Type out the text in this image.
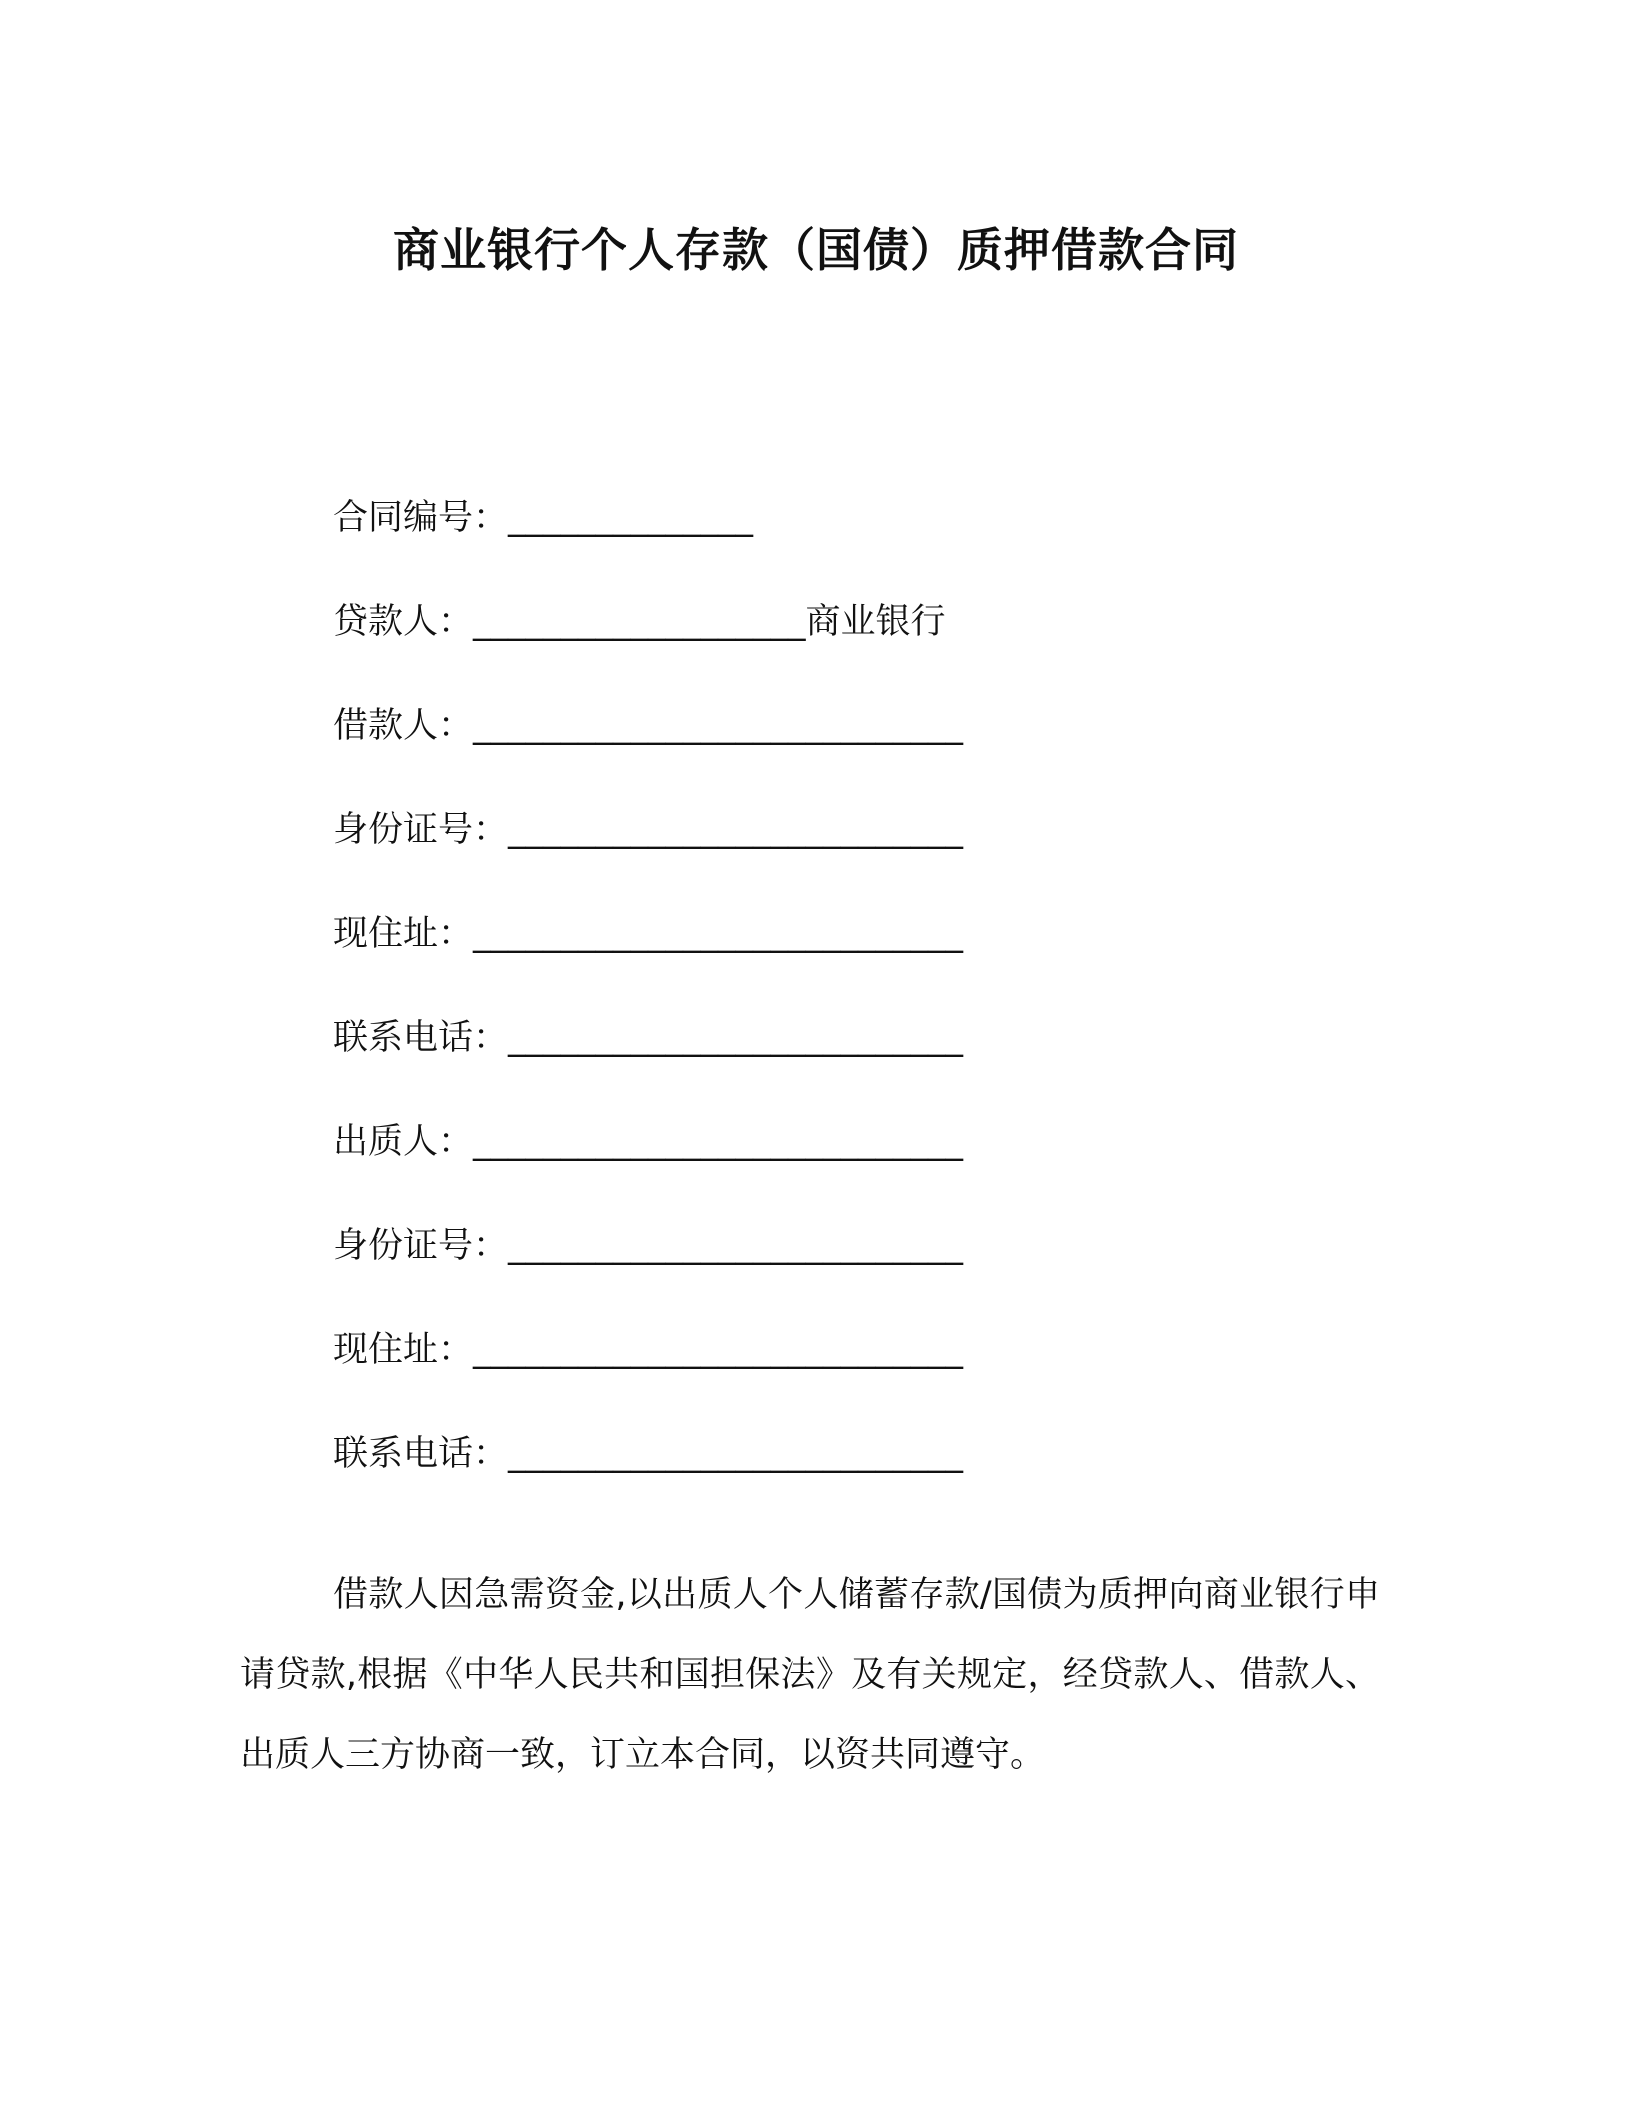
商业银行个人存款（国债）质押借款合同
合同编号：______________
贷款人：___________________商业银行
借款人：____________________________
身份证号：__________________________
现住址：____________________________
联系电话：__________________________
出质人：____________________________
身份证号：__________________________
现住址：____________________________
联系电话：__________________________

借款人因急需资金,以出质人个人储蓄存款/国债为质押向商业银行申请贷款,根据《中华人民共和国担保法》及有关规定，经贷款人、借款人、出质人三方协商一致，订立本合同，以资共同遵守。
